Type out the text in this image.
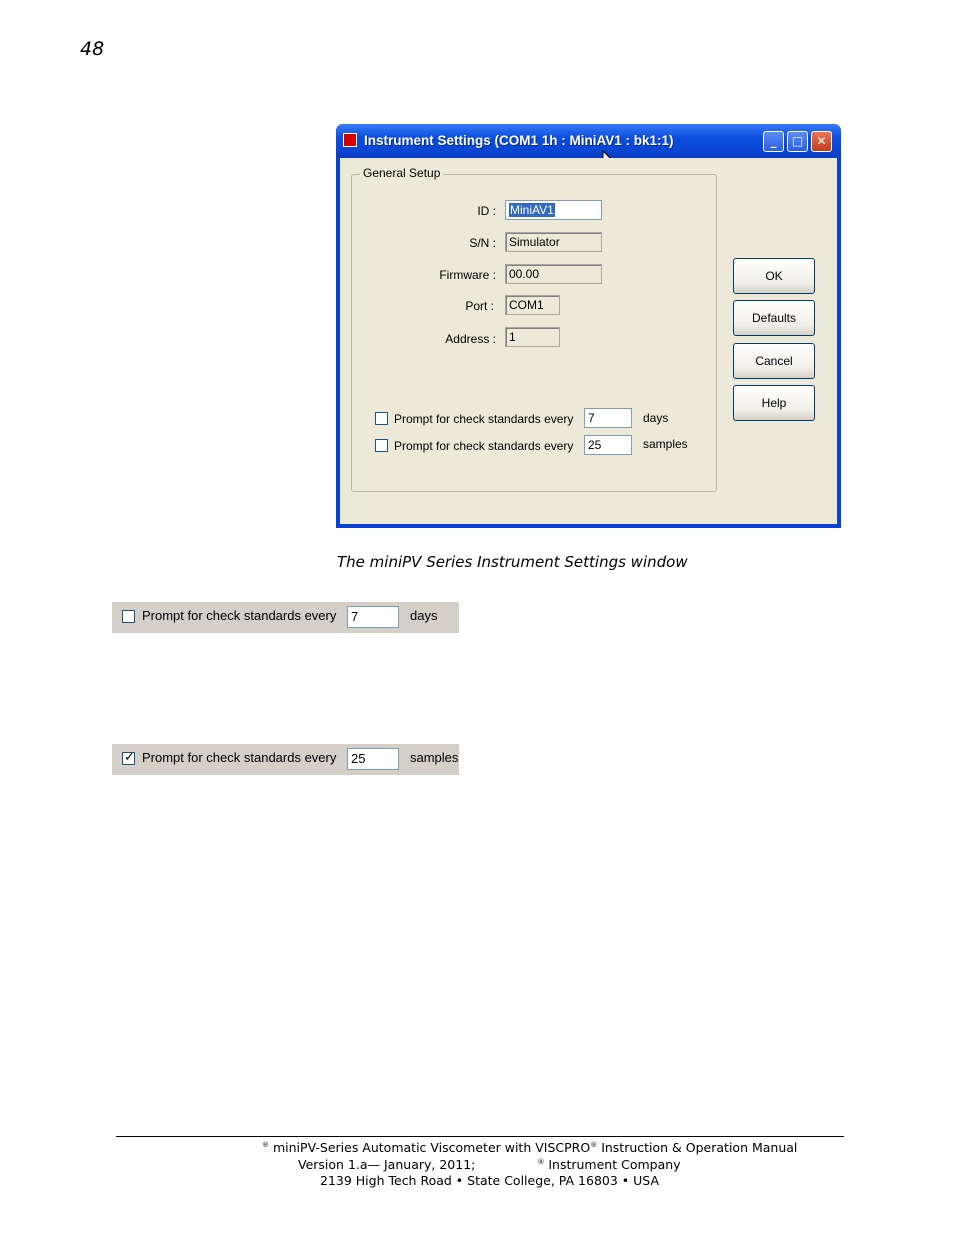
48
Instrument Settings (COM1 1h : MiniAV1 : bk1:1)	_	□	✕
General Setup
ID :	MiniAV1
S/N :	Simulator
Firmware :	00.00
Port :	COM1
Address :	1
Prompt for check standards every	7	days
Prompt for check standards every	25	samples
OK
Defaults
Cancel
Help
The miniPV Series Instrument Settings window
Prompt for check standards every	7	days
✓ Prompt for check standards every	25	samples
® miniPV-Series Automatic Viscometer with VISCPRO® Instruction & Operation Manual
Version 1.a— January, 2011;	® Instrument Company
2139 High Tech Road • State College, PA 16803 • USA
